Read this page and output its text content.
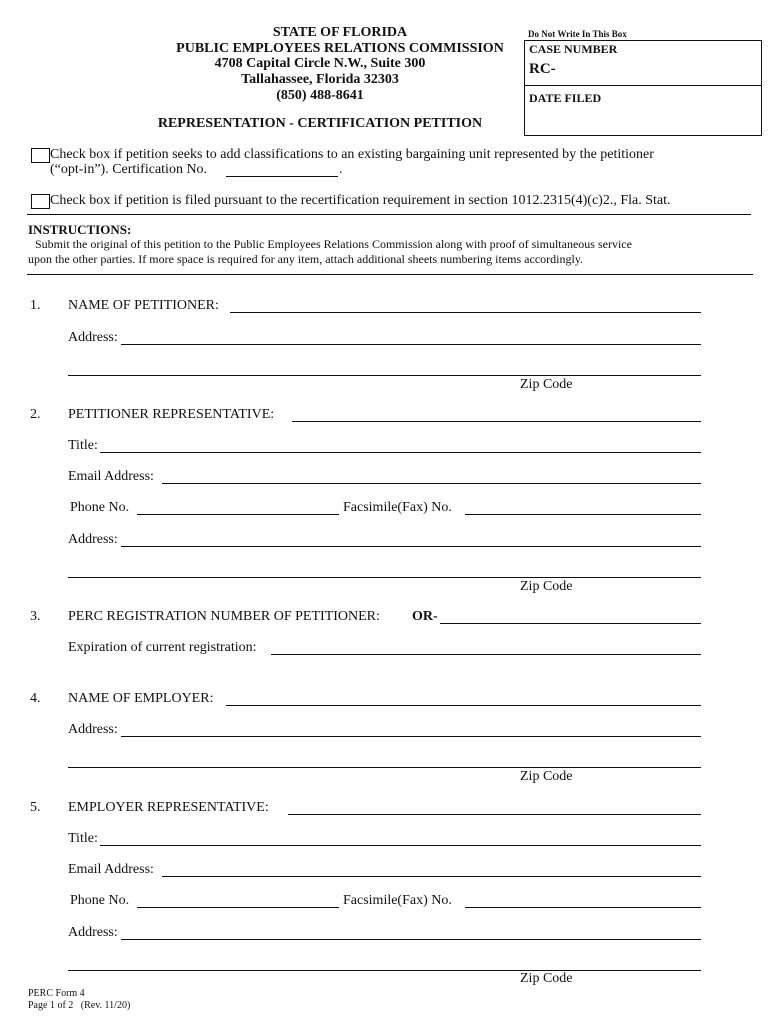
STATE OF FLORIDA
PUBLIC EMPLOYEES RELATIONS COMMISSION
4708 Capital Circle N.W., Suite 300
Tallahassee, Florida 32303
(850) 488-8641
REPRESENTATION - CERTIFICATION PETITION
Do Not Write In This Box
CASE NUMBER
RC-
DATE FILED
Check box if petition seeks to add classifications to an existing bargaining unit represented by the petitioner
(“opt-in”). Certification No.	.
Check box if petition is filed pursuant to the recertification requirement in section 1012.2315(4)(c)2., Fla. Stat.
INSTRUCTIONS:
Submit the original of this petition to the Public Employees Relations Commission along with proof of simultaneous service
upon the other parties. If more space is required for any item, attach additional sheets numbering items accordingly.
1. NAME OF PETITIONER:
Address:
Zip Code
2. PETITIONER REPRESENTATIVE:
Title:
Email Address:
Phone No.	Facsimile(Fax) No.
Address:
Zip Code
3. PERC REGISTRATION NUMBER OF PETITIONER: OR-
Expiration of current registration:
4. NAME OF EMPLOYER:
Address:
Zip Code
5. EMPLOYER REPRESENTATIVE:
Title:
Email Address:
Phone No.	Facsimile(Fax) No.
Address:
Zip Code
PERC Form 4
Page 1 of 2   (Rev. 11/20)
